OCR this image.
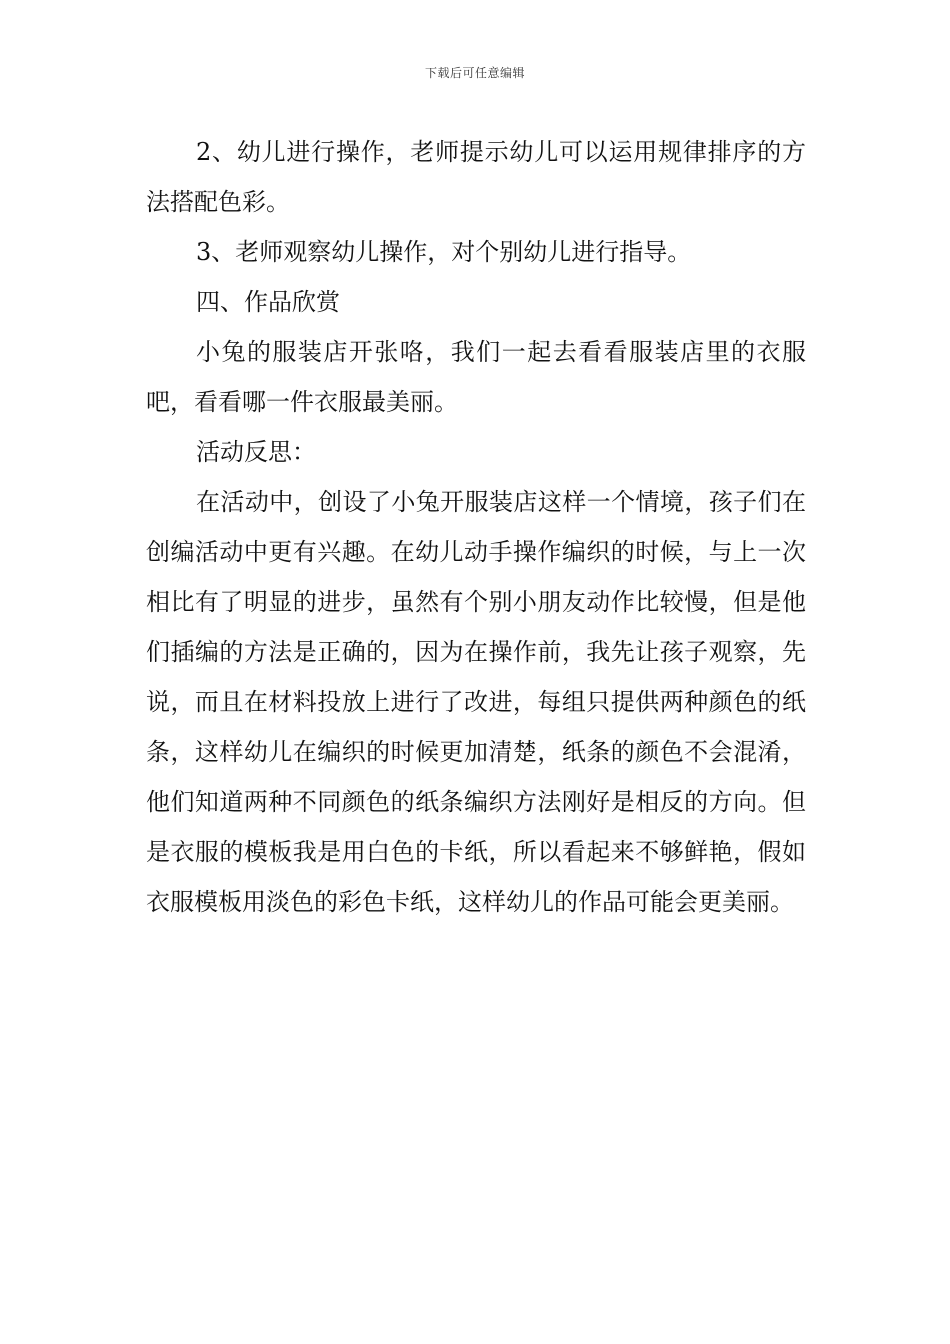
下载后可任意编辑

2、幼儿进行操作，老师提示幼儿可以运用规律排序的方法搭配色彩。

3、老师观察幼儿操作，对个别幼儿进行指导。

四、作品欣赏

小兔的服装店开张咯，我们一起去看看服装店里的衣服吧，看看哪一件衣服最美丽。

活动反思：

在活动中，创设了小兔开服装店这样一个情境，孩子们在创编活动中更有兴趣。在幼儿动手操作编织的时候，与上一次相比有了明显的进步，虽然有个别小朋友动作比较慢，但是他们插编的方法是正确的，因为在操作前，我先让孩子观察，先说，而且在材料投放上进行了改进，每组只提供两种颜色的纸条，这样幼儿在编织的时候更加清楚，纸条的颜色不会混淆，他们知道两种不同颜色的纸条编织方法刚好是相反的方向。但是衣服的模板我是用白色的卡纸，所以看起来不够鲜艳，假如衣服模板用淡色的彩色卡纸，这样幼儿的作品可能会更美丽。
